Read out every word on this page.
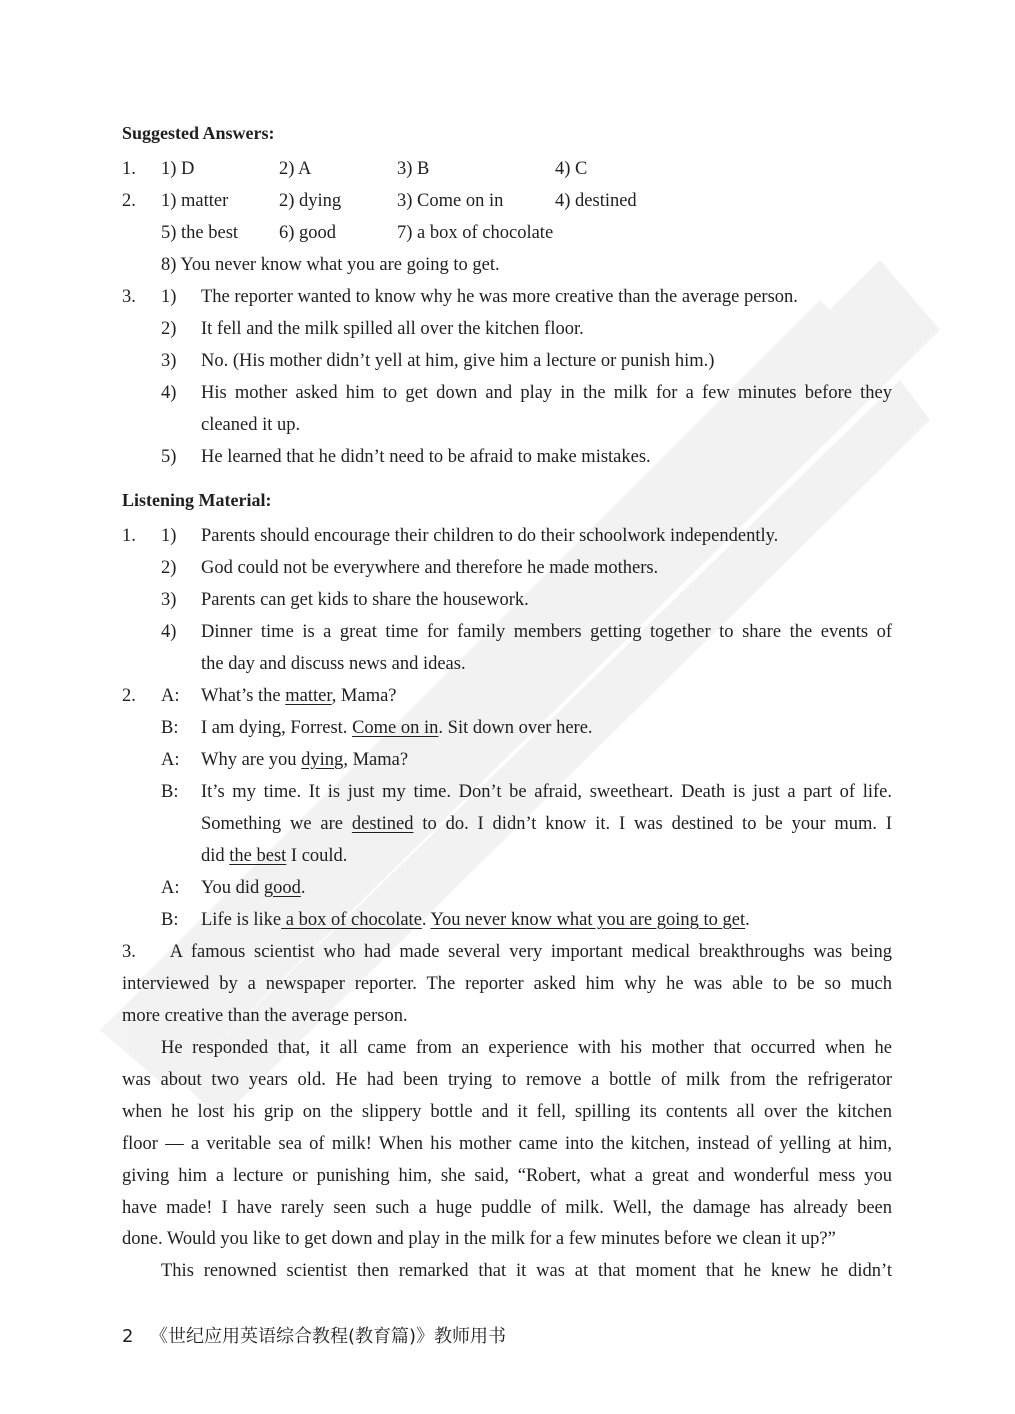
Suggested Answers:
1. 1) D	2) A	3) B	4) C
2. 1) matter	2) dying	3) Come on in	4) destined
5) the best 6) good	7) a box of chocolate
8) You never know what you are going to get.
3. 1) The reporter wanted to know why he was more creative than the average person.
2) It fell and the milk spilled all over the kitchen floor.
3) No. (His mother didn’t yell at him, give him a lecture or punish him.)
4) His mother asked him to get down and play in the milk for a few minutes before they
cleaned it up.
5) He learned that he didn’t need to be afraid to make mistakes.
Listening Material:
1. 1) Parents should encourage their children to do their schoolwork independently.
2) God could not be everywhere and therefore he made mothers.
3) Parents can get kids to share the housework.
4) Dinner time is a great time for family members getting together to share the events of
the day and discuss news and ideas.
2. A: What’s the matter, Mama?
B: I am dying, Forrest. Come on in. Sit down over here.
A: Why are you dying, Mama?
B: It’s my time. It is just my time. Don’t be afraid, sweetheart. Death is just a part of life.
Something we are destined to do. I didn’t know it. I was destined to be your mum. I
did the best I could.
A: You did good.
B: Life is like a box of chocolate. You never know what you are going to get.
3.    A famous scientist who had made several very important medical breakthroughs was being
interviewed by a newspaper reporter. The reporter asked him why he was able to be so much
more creative than the average person.
He responded that, it all came from an experience with his mother that occurred when he
was about two years old. He had been trying to remove a bottle of milk from the refrigerator
when he lost his grip on the slippery bottle and it fell, spilling its contents all over the kitchen
floor — a veritable sea of milk! When his mother came into the kitchen, instead of yelling at him,
giving him a lecture or punishing him, she said, “Robert, what a great and wonderful mess you
have made! I have rarely seen such a huge puddle of milk. Well, the damage has already been
done. Would you like to get down and play in the milk for a few minutes before we clean it up?”
This renowned scientist then remarked that it was at that moment that he knew he didn’t
2 《世纪应用英语综合教程(教育篇)》教师用书
